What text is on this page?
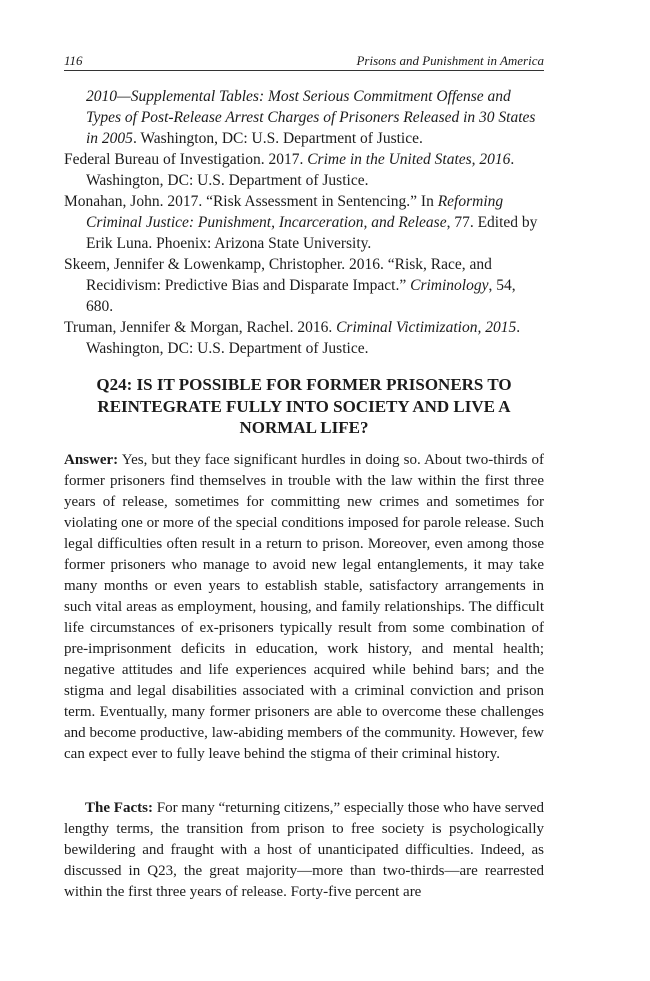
116	Prisons and Punishment in America

2010—Supplemental Tables: Most Serious Commitment Offense and Types of Post-Release Arrest Charges of Prisoners Released in 30 States in 2005. Washington, DC: U.S. Department of Justice.

Federal Bureau of Investigation. 2017. Crime in the United States, 2016. Washington, DC: U.S. Department of Justice.

Monahan, John. 2017. “Risk Assessment in Sentencing.” In Reforming Criminal Justice: Punishment, Incarceration, and Release, 77. Edited by Erik Luna. Phoenix: Arizona State University.

Skeem, Jennifer & Lowenkamp, Christopher. 2016. “Risk, Race, and Recidivism: Predictive Bias and Disparate Impact.” Criminology, 54, 680.

Truman, Jennifer & Morgan, Rachel. 2016. Criminal Victimization, 2015. Washington, DC: U.S. Department of Justice.

Q24: IS IT POSSIBLE FOR FORMER PRISONERS TO REINTEGRATE FULLY INTO SOCIETY AND LIVE A NORMAL LIFE?

Answer: Yes, but they face significant hurdles in doing so. About two-thirds of former prisoners find themselves in trouble with the law within the first three years of release, sometimes for committing new crimes and sometimes for violating one or more of the special conditions imposed for parole release. Such legal difficulties often result in a return to prison. Moreover, even among those former prisoners who manage to avoid new legal entanglements, it may take many months or even years to establish stable, satisfactory arrangements in such vital areas as employment, housing, and family relationships. The difficult life circumstances of ex-prisoners typically result from some combination of pre-imprisonment deficits in education, work history, and mental health; negative attitudes and life experiences acquired while behind bars; and the stigma and legal disabilities associated with a criminal conviction and prison term. Eventually, many former prisoners are able to overcome these challenges and become productive, law-abiding members of the community. However, few can expect ever to fully leave behind the stigma of their criminal history.

The Facts: For many “returning citizens,” especially those who have served lengthy terms, the transition from prison to free society is psychologically bewildering and fraught with a host of unanticipated difficulties. Indeed, as discussed in Q23, the great majority—more than two-thirds—are rearrested within the first three years of release. Forty-five percent are
